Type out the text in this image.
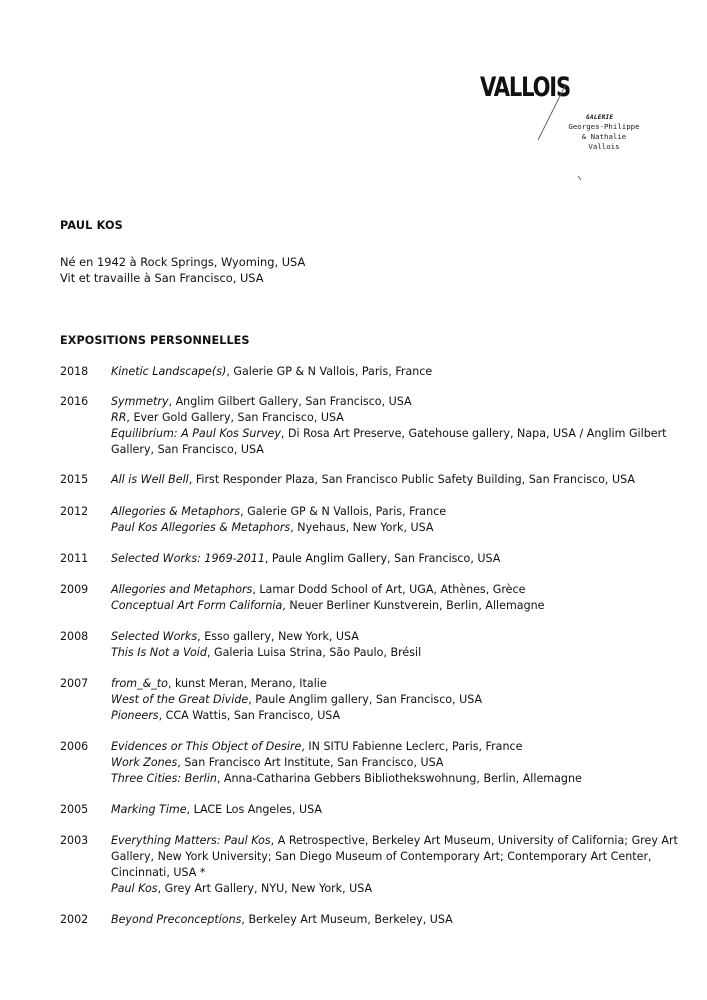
VALLOIS
GALERIE
Georges-Philippe
& Nathalie
Vallois
PAUL KOS
Né en 1942 à Rock Springs, Wyoming, USA
Vit et travaille à San Francisco, USA
EXPOSITIONS PERSONNELLES
2018 Kinetic Landscape(s), Galerie GP & N Vallois, Paris, France
2016 Symmetry, Anglim Gilbert Gallery, San Francisco, USA
RR, Ever Gold Gallery, San Francisco, USA
Equilibrium: A Paul Kos Survey, Di Rosa Art Preserve, Gatehouse gallery, Napa, USA / Anglim Gilbert Gallery, San Francisco, USA
2015 All is Well Bell, First Responder Plaza, San Francisco Public Safety Building, San Francisco, USA
2012 Allegories & Metaphors, Galerie GP & N Vallois, Paris, France
Paul Kos Allegories & Metaphors, Nyehaus, New York, USA
2011 Selected Works: 1969-2011, Paule Anglim Gallery, San Francisco, USA
2009 Allegories and Metaphors, Lamar Dodd School of Art, UGA, Athènes, Grèce
Conceptual Art Form California, Neuer Berliner Kunstverein, Berlin, Allemagne
2008 Selected Works, Esso gallery, New York, USA
This Is Not a Void, Galeria Luisa Strina, São Paulo, Brésil
2007 from_&_to, kunst Meran, Merano, Italie
West of the Great Divide, Paule Anglim gallery, San Francisco, USA
Pioneers, CCA Wattis, San Francisco, USA
2006 Evidences or This Object of Desire, IN SITU Fabienne Leclerc, Paris, France
Work Zones, San Francisco Art Institute, San Francisco, USA
Three Cities: Berlin, Anna-Catharina Gebbers Bibliothekswohnung, Berlin, Allemagne
2005 Marking Time, LACE Los Angeles, USA
2003 Everything Matters: Paul Kos, A Retrospective, Berkeley Art Museum, University of California; Grey Art Gallery, New York University; San Diego Museum of Contemporary Art; Contemporary Art Center, Cincinnati, USA *
Paul Kos, Grey Art Gallery, NYU, New York, USA
2002 Beyond Preconceptions, Berkeley Art Museum, Berkeley, USA
